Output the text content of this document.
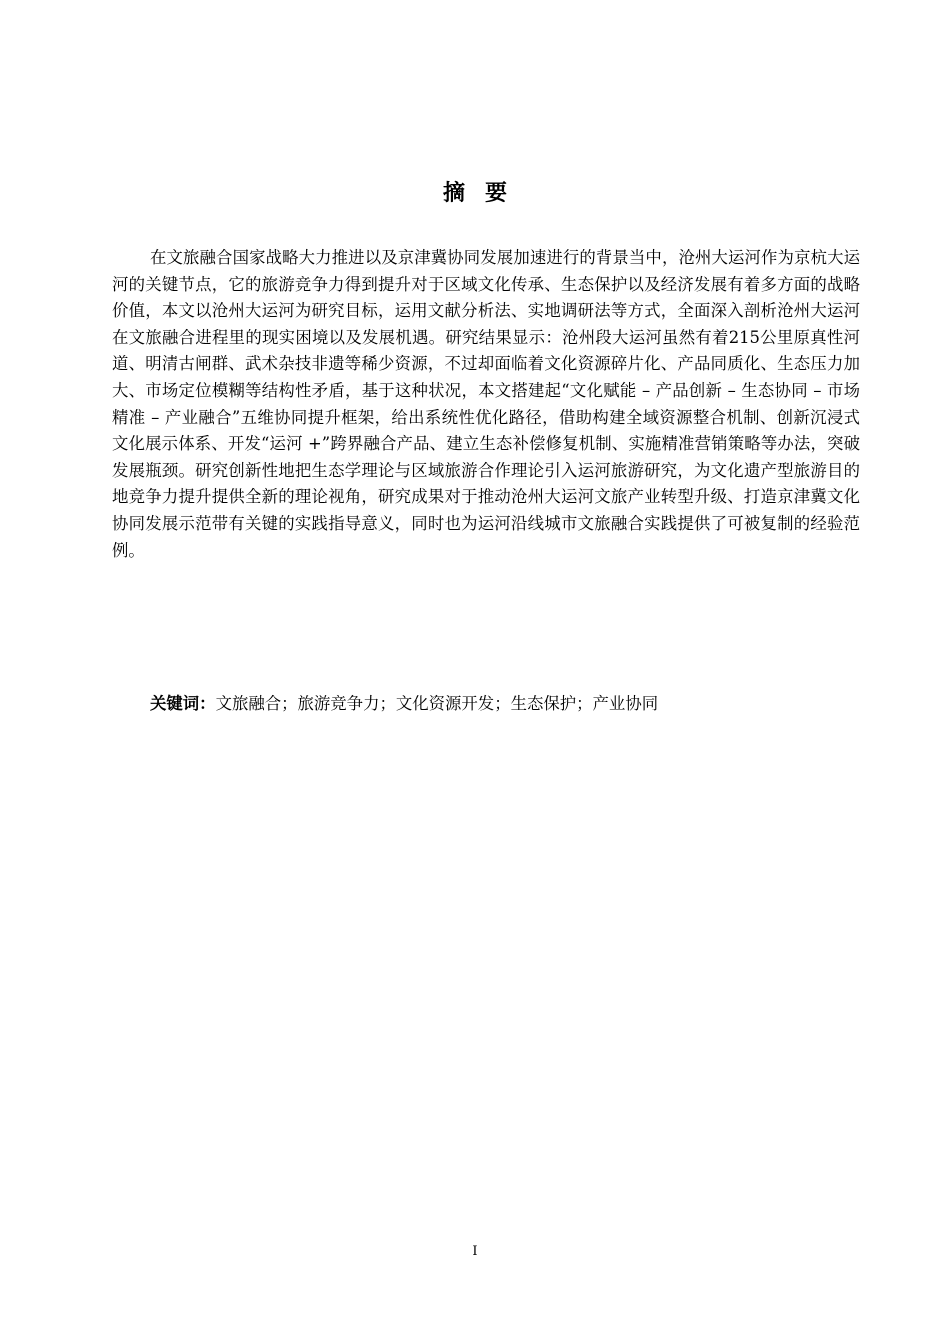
摘要

在文旅融合国家战略大力推进以及京津冀协同发展加速进行的背景当中，沧州大运河作为京杭大运河的关键节点，它的旅游竞争力得到提升对于区域文化传承、生态保护以及经济发展有着多方面的战略价值，本文以沧州大运河为研究目标，运用文献分析法、实地调研法等方式，全面深入剖析沧州大运河在文旅融合进程里的现实困境以及发展机遇。研究结果显示：沧州段大运河虽然有着215公里原真性河道、明清古闸群、武术杂技非遗等稀少资源，不过却面临着文化资源碎片化、产品同质化、生态压力加大、市场定位模糊等结构性矛盾，基于这种状况，本文搭建起“文化赋能 – 产品创新 – 生态协同 – 市场精准 – 产业融合”五维协同提升框架，给出系统性优化路径，借助构建全域资源整合机制、创新沉浸式文化展示体系、开发“运河 +”跨界融合产品、建立生态补偿修复机制、实施精准营销策略等办法，突破发展瓶颈。研究创新性地把生态学理论与区域旅游合作理论引入运河旅游研究，为文化遗产型旅游目的地竞争力提升提供全新的理论视角，研究成果对于推动沧州大运河文旅产业转型升级、打造京津冀文化协同发展示范带有关键的实践指导意义，同时也为运河沿线城市文旅融合实践提供了可被复制的经验范例。

关键词：文旅融合；旅游竞争力；文化资源开发；生态保护；产业协同

I
